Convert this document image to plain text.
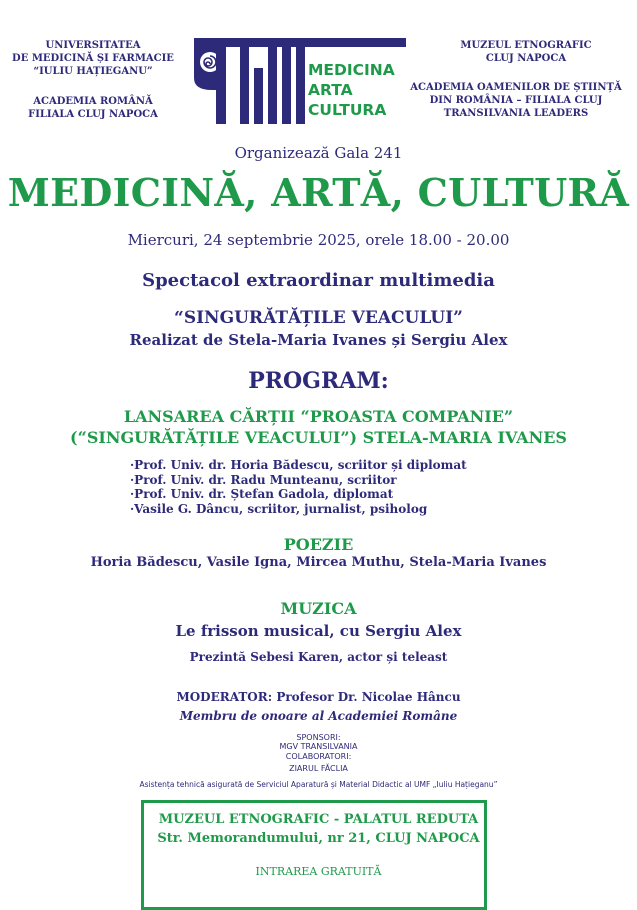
UNIVERSITATEA
DE MEDICINĂ ȘI FARMACIE
“IULIU HAȚIEGANU”
ACADEMIA ROMÂNĂ
FILIALA CLUJ NAPOCA
MUZEUL ETNOGRAFIC
CLUJ NAPOCA
ACADEMIA OAMENILOR DE ȘTIINȚĂ
DIN ROMÂNIA – FILIALA CLUJ
TRANSILVANIA LEADERS
MEDICINA
ARTA
CULTURA
Organizează Gala 241
MEDICINĂ, ARTĂ, CULTURĂ
Miercuri, 24 septembrie 2025, orele 18.00 - 20.00
Spectacol extraordinar multimedia
“SINGURĂTĂȚILE VEACULUI”
Realizat de Stela-Maria Ivanes și Sergiu Alex
PROGRAM:
LANSAREA CĂRȚII “PROASTA COMPANIE”
(“SINGURĂTĂȚILE VEACULUI”) STELA-MARIA IVANES
·Prof. Univ. dr. Horia Bădescu, scriitor și diplomat
·Prof. Univ. dr. Radu Munteanu, scriitor
·Prof. Univ. dr. Ștefan Gadola, diplomat
·Vasile G. Dâncu, scriitor, jurnalist, psiholog
POEZIE
Horia Bădescu, Vasile Igna, Mircea Muthu, Stela-Maria Ivanes
MUZICA
Le frisson musical, cu Sergiu Alex
Prezintă Sebesi Karen, actor și teleast
MODERATOR: Profesor Dr. Nicolae Hâncu
Membru de onoare al Academiei Române
SPONSORI:
MGV TRANSILVANIA
COLABORATORI:
ZIARUL FĂCLIA
Asistența tehnică asigurată de Serviciul Aparatură și Material Didactic al UMF „Iuliu Hațieganu”
MUZEUL ETNOGRAFIC - PALATUL REDUTA
Str. Memorandumului, nr 21, CLUJ NAPOCA
INTRAREA GRATUITĂ
